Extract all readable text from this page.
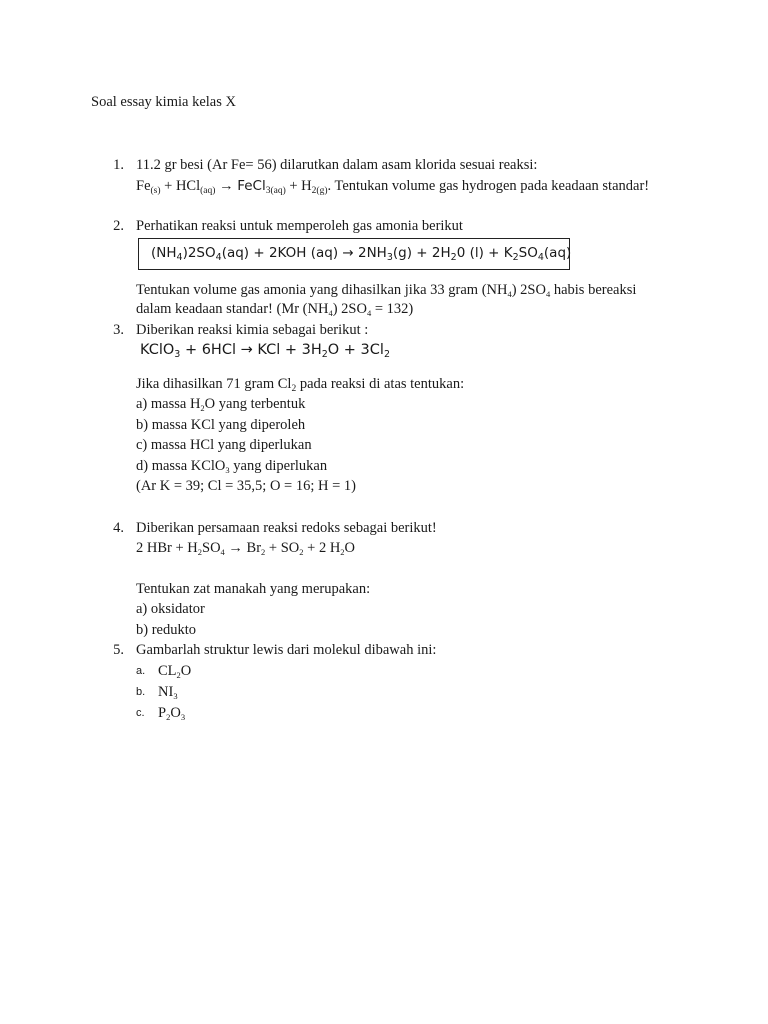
Soal essay kimia kelas X
1. 11.2 gr besi (Ar Fe= 56) dilarutkan dalam asam klorida sesuai reaksi:
$Fe_{(s)} + HCl_{(aq)}$ → FeCl$_{3(aq)}$ + $H_{2(g)}$. Tentukan volume gas hydrogen pada keadaan standar!
2. Perhatikan reaksi untuk memperoleh gas amonia berikut
$(NH_4)2SO_4(aq) + 2KOH$ $(aq) \to 2NH_3(g) + 2H_20$ $(l) + K_2SO_4(aq)$
Tentukan volume gas amonia yang dihasilkan jika 33 gram $(NH_4)$ $2SO_4$ habis bereaksi
dalam keadaan standar! (Mr $(NH_4) 2SO_4 = 132$)
3. Diberikan reaksi kimia sebagai berikut :
KClO$_3$ + 6HCl → KCl + $3H_2O + 3Cl_2$
Jika dihasilkan 71 gram $Cl_2$ pada reaksi di atas tentukan:
a) massa $H_2O$ yang terbentuk
b) massa KCl yang diperoleh
c) massa HCl yang diperlukan
d) massa KClO$_3$ yang diperlukan
(Ar K = 39; Cl = 35,5; O = 16; H = 1)
4. Diberikan persamaan reaksi redoks sebagai berikut!
2 HBr + $H_2SO_4 \to Br_2 + SO_2 + 2$ $H_2O$
Tentukan zat manakah yang merupakan:
a) oksidator
b) redukto
5. Gambarlah struktur lewis dari molekul dibawah ini:
a. $CL_2O$
b. $NI_3$
c. $P_2O_3$
